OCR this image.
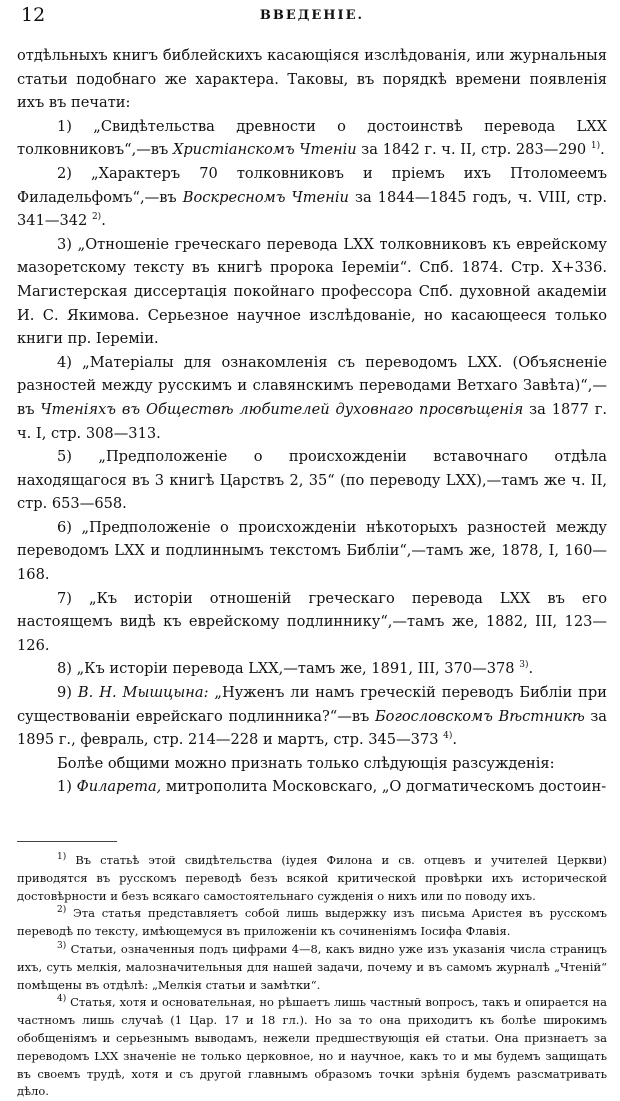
12	ВВЕДЕНIE.

отдѣльныхъ книгъ библейскихъ касающiяся изслѣдованiя, или журнальныя статьи подобнаго же характера. Таковы, въ порядкѣ времени появленiя ихъ въ печати:

1) „Свидѣтельства древности о достоинствѣ перевода LXX толковниковъ“,—въ Христiанскомъ Чтенiи за 1842 г. ч. II, стр. 283—290 $^{1)}$.

2) „Характеръ 70 толковниковъ и прiемъ ихъ Птоломеемъ Филадельфомъ“,—въ Воскресномъ Чтенiи за 1844—1845 годъ, ч. VIII, стр. 341—342 $^{2)}$.

3) „Отношенiе греческаго перевода LXX толковниковъ къ еврейскому мазоретскому тексту въ книгѣ пророка Iеремiи“. Спб. 1874. Стр. X+336. Магистерская диссертацiя покойнаго профессора Спб. духовной академiи И. С. Якимова. Серьезное научное изслѣдованiе, но касающееся только книги пр. Iеремiи.

4) „Матерiалы для ознакомленiя съ переводомъ LXX. (Объясненiе разностей между русскимъ и славянскимъ переводами Ветхаго Завѣта)“,—въ Чтенiяхъ въ Обществѣ любителей духовнаго просвѣщенiя за 1877 г. ч. I, стр. 308—313.

5) „Предположенiе о происхожденiи вставочнаго отдѣла находящагося въ 3 книгѣ Царствъ 2, 35“ (по переводу LXX),—тамъ же ч. II, стр. 653—658.

6) „Предположенiе о происхожденiи нѣкоторыхъ разностей между переводомъ LXX и подлиннымъ текстомъ Библiи“,—тамъ же, 1878, I, 160—168.

7) „Къ исторiи отношенiй греческаго перевода LXX въ его настоящемъ видѣ къ еврейскому подлиннику“,—тамъ же, 1882, III, 123—126.

8) „Къ исторiи перевода LXX,—тамъ же, 1891, III, 370—378 $^{3)}$.

9) В. Н. Мышцына: „Нуженъ ли намъ греческiй переводъ Библiи при существованiи еврейскаго подлинника?“—въ Богословскомъ Вѣстникѣ за 1895 г., февраль, стр. 214—228 и мартъ, стр. 345—373 $^{4)}$.

Болѣе общими можно признать только слѣдующiя разсужденiя:

1) Филарета, митрополита Московскаго, „О догматическомъ достоин-

$^{1)}$ Въ статьѣ этой свидѣтельства (iудея Филона и св. отцевъ и учителей Церкви) приводятся въ русскомъ переводѣ безъ всякой критической провѣрки ихъ исторической достовѣрности и безъ всякаго самостоятельнаго сужденiя о нихъ или по поводу ихъ.

$^{2)}$ Эта статья представляетъ собой лишь выдержку изъ письма Аристея въ русскомъ переводѣ по тексту, имѣющемуся въ приложенiи къ сочиненiямъ Iосифа Флавiя.

$^{3)}$ Статьи, означенныя подъ цифрами 4—8, какъ видно уже изъ указанiя числа страницъ ихъ, суть мелкiя, малозначительныя для нашей задачи, почему и въ самомъ журналѣ „Чтенiй“ помѣщены въ отдѣлѣ: „Мелкiя статьи и замѣтки“.

$^{4)}$ Статья, хотя и основательная, но рѣшаетъ лишь частный вопросъ, такъ и опирается на частномъ лишь случаѣ (1 Цар. 17 и 18 гл.). Но за то она приходитъ къ болѣе широкимъ обобщенiямъ и серьезнымъ выводамъ, нежели предшествующiя ей статьи. Она признаетъ за переводомъ LXX значенiе не только церковное, но и научное, какъ то и мы будемъ защищать въ своемъ трудѣ, хотя и съ другой главнымъ образомъ точки зрѣнiя будемъ разсматривать дѣло.
